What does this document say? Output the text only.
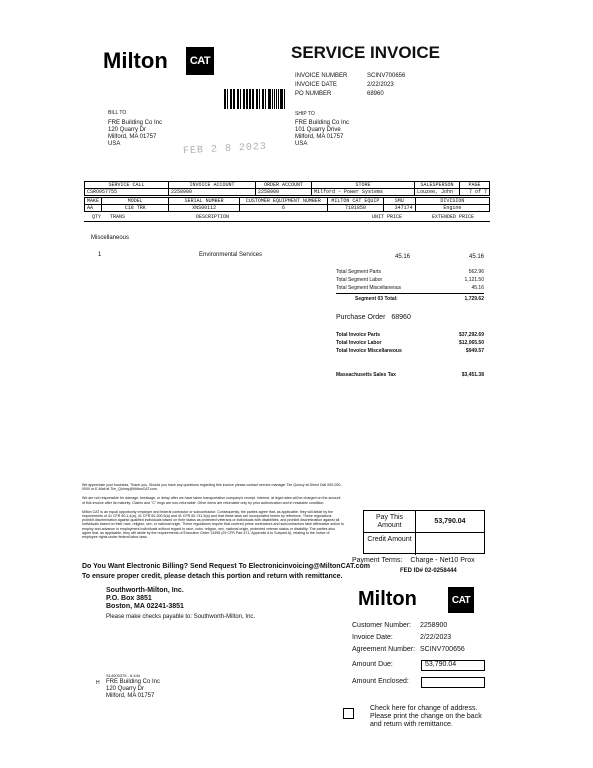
Milton CAT	SERVICE INVOICE
INVOICE NUMBER	SCINV700656
INVOICE DATE	2/22/2023
PO NUMBER	68960
BILL TO
FRE Building Co Inc
120 Quarry Dr
Milford, MA 01757
USA
SHIP TO
FRE Building Co Inc
101 Quarry Drive
Milford, MA 01757
USA
FEB 2 8 2023
SERVICE CALL	INVOICE ACCOUNT	ORDER ACCOUNT	STORE	SALESPERSON	PAGE
CSRO957755	2258900	2258900	Milford - Power Systems	Louzee, John	7 of 7
MAKE	MODEL	SERIAL NUMBER	CUSTOMER EQUIPMENT NUMBER	MILTON CAT EQUIP	SMU	DIVISION
AA	C18 TRK	XNS00112	6	7101850	347174	Engine
QTY TRANS	DESCRIPTION	UNIT PRICE	EXTENDED PRICE
Miscellaneous
1	Environmental Services	45.16	45.16
Total Segment Parts	562.96
Total Segment Labor	1,121.50
Total Segment Miscellaneous	45.16
Segment 03 Total:	1,729.62
Purchase Order 68960
Total Invoice Parts	$37,292.69
Total Invoice Labor	$12,065.50
Total Invoice Miscellaneous	$949.57
Massachusetts Sales Tax	$3,451.38

We appreciate your business. Thank you. Should you have any questions regarding this invoice please contact service manager Tim Quincy at Direct Dial 000-000-0000 or E-Mail at Tim_Quincy@MiltonCAT.com.

We are not responsible for damage, breakage, or delay after we have taken transportation company's receipt. Interest, at legal rates will be charged on the amount of this invoice after its maturity. Claims and "C" rings are non-returnable. Other items are returnable only by prior authorization and in resalable condition.

Milton CAT is an equal opportunity employer and federal contractor or subcontractor. Consequently, the parties agree that, as applicable, they will abide by the requirements of 41 CFR 60-1.4(a), 41 CFR 60-300.5(a) and 41 CFR 60-741.5(a) and that these laws are incorporated herein by reference. These regulations prohibit discrimination against qualified individuals based on their status as protected veterans or individuals with disabilities, and prohibit discrimination against all individuals based on their race, religion, sex, or national origin. These regulations require that covered prime contractors and subcontractors take affirmative action to employ and advance in employment individuals without regard to race, color, religion, sex, national origin, protected veteran status or disability. The parties also agree that, as applicable, they will abide by the requirements of Executive Order 13496 (29 CFR Part 471, Appendix A to Subpart A), relating to the notice of employee rights under federal labor laws.

Pay This Amount
53,790.04
Credit Amount
Payment Terms: Charge - Net10 Prox
FED ID# 02-0258444
Do You Want Electronic Billing? Send Request To Electronicinvoicing@MiltonCAT.com
To ensure proper credit, please detach this portion and return with remittance.
Southworth-Milton, Inc.
P.O. Box 3851
Boston, MA 02241-3851
Please make checks payable to: Southworth-Milton, Inc.
Milton	CAT
Customer Number:	2258900
Invoice Date:	2/22/2023
Agreement Number: SCINV700656
Amount Due:	53,790.04
Amount Enclosed:
S14000375 - 6.444
H FRE Building Co Inc
120 Quarry Dr
Milford, MA 01757
Check here for change of address. Please print the change on the back and return with remittance.
